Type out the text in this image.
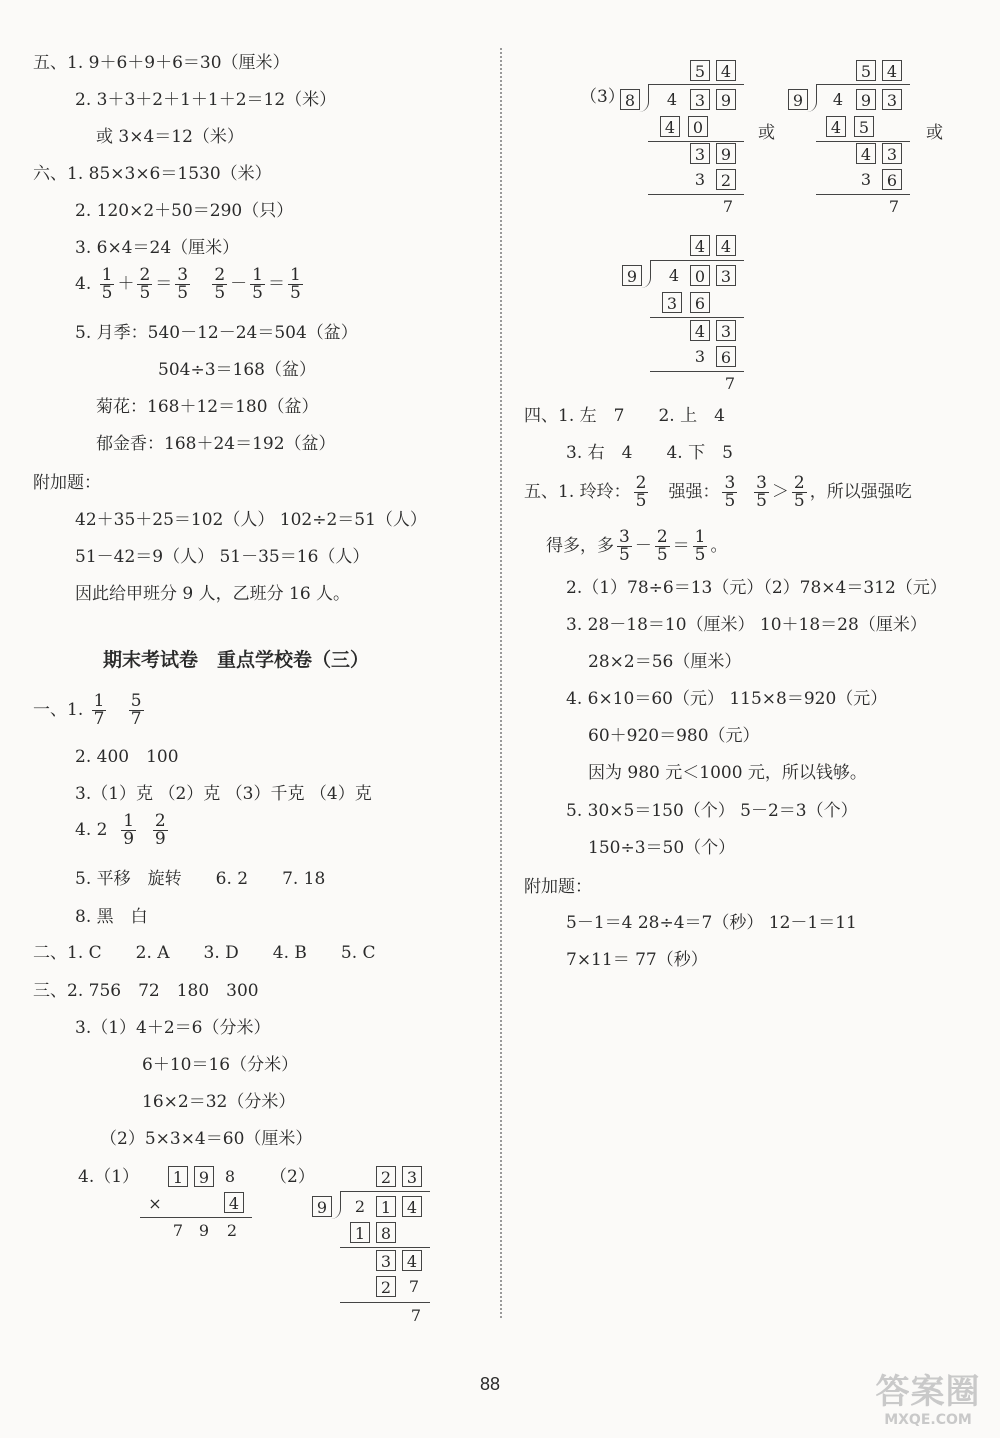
五、1. 9＋6＋9＋6＝30（厘米）
2. 3＋3＋2＋1＋1＋2＝12（米）
或 3×4＝12（米）
六、1. 85×3×6＝1530（米）
2. 120×2＋50＝290（只）
3. 6×4＝24（厘米）
4. $\frac{1}{5} + \frac{2}{5} = \frac{3}{5}$
$\frac{2}{5} - \frac{1}{5} = \frac{1}{5}$
5. 月季：540－12－24＝504（盆）
504÷3＝168（盆）
菊花：168＋12＝180（盆）
郁金香：168＋24＝192（盆）
附加题：
42＋35＋25＝102（人） 102÷2＝51（人）
51－42＝9（人） 51－35＝16（人）
因此给甲班分 9 人，乙班分 16 人。
期末考试卷　重点学校卷（三）
一、1. $\frac{1}{7}$
$\frac{5}{7}$
2. 400　100
3.（1）克 （2）克 （3）千克 （4）克
4. $2 \frac{1}{9}$
$\frac{2}{9}$
5. 平移　旋转　　6. 2　　7. 18
8. 黑　白
二、1. C　　2. A　　3. D　　4. B　　5. C
三、2. 756　72　180　300
3.（1）4＋2＝6（分米）
6＋10＝16（分米）
16×2＝32（分米）
（2）5×3×4＝60（厘米）
4.（1）	（2）
1 9 8
×	4
7 9	2
2 3
9	2 1 4
1 8
3 4
2	7
7
（3）
5 4
8	4	3 9
4	0
3 9
3 2
7
或
5 4
9	4	9 3
4	5
4 3
3 6
7
或
4 4
9	4 0 3
3	6
4 3
3 6
7
四、1. 左　7　　2. 上　4
3. 右　4　　4. 下　5
五、1. 玲玲： $\frac{2}{5}$ 　强强： $\frac{3}{5}$
$\frac{3}{5} > \frac{2}{5}$ ，所以强强吃
得多，多 $\frac{3}{5} - \frac{2}{5} = \frac{1}{5}$ 。
2.（1）78÷6＝13（元）（2）78×4＝312（元）
3. 28－18＝10（厘米） 10＋18＝28（厘米）
28×2＝56（厘米）
4. 6×10＝60（元） 115×8＝920（元）
60＋920＝980（元）
因为 980 元＜1000 元，所以钱够。
5. 30×5＝150（个） 5－2＝3（个）
150÷3＝50（个）
附加题：
5－1＝4 28÷4＝7（秒） 12－1＝11
7×11＝ 77（秒）
88	答案圈
MXQE.COM
